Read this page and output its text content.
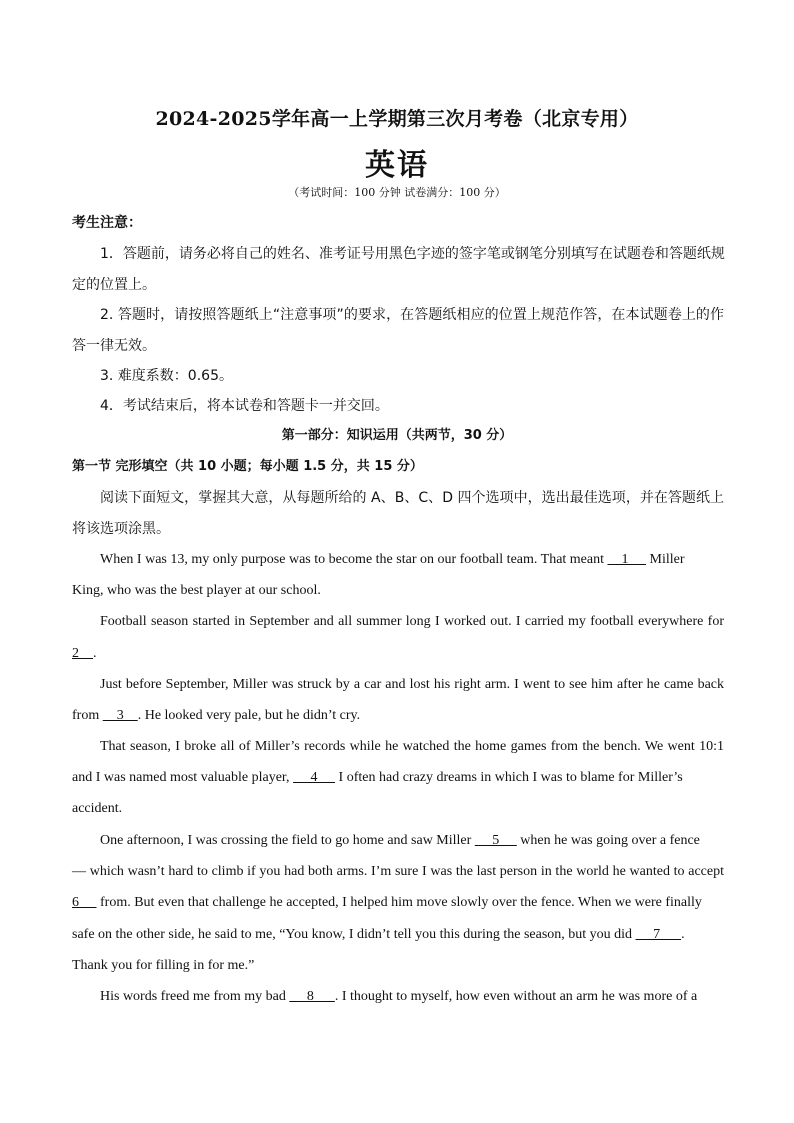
2024-2025学年高一上学期第三次月考卷（北京专用）
英语
（考试时间：100 分钟 试卷满分：100 分）
考生注意：
1．答题前，请务必将自己的姓名、准考证号用黑色字迹的签字笔或钢笔分别填写在试题卷和答题纸规
定的位置上。
2. 答题时，请按照答题纸上“注意事项”的要求，在答题纸相应的位置上规范作答，在本试题卷上的作
答一律无效。
3. 难度系数：0.65。
4．考试结束后，将本试卷和答题卡一并交回。
第一部分：知识运用（共两节，30 分）
第一节 完形填空（共 10 小题；每小题 1.5 分，共 15 分）
阅读下面短文，掌握其大意，从每题所给的 A、B、C、D 四个选项中，选出最佳选项，并在答题纸上
将该选项涂黑。
When I was 13, my only purpose was to become the star on our football team. That meant     1      Miller
King, who was the best player at our school.
Football season started in September and all summer long I worked out. I carried my football everywhere for
2    .
Just before September, Miller was struck by a car and lost his right arm. I went to see him after he came back
from     3    . He looked very pale, but he didn’t cry.
That season, I broke all of Miller’s records while he watched the home games from the bench. We went 10:1
and I was named most valuable player,      4      I often had crazy dreams in which I was to blame for Miller’s
accident.
One afternoon, I was crossing the field to go home and saw Miller      5      when he was going over a fence
— which wasn’t hard to climb if you had both arms. I’m sure I was the last person in the world he wanted to accept
6      from. But even that challenge he accepted, I helped him move slowly over the fence. When we were finally
safe on the other side, he said to me, “You know, I didn’t tell you this during the season, but you did      7      .
Thank you for filling in for me.”
His words freed me from my bad      8      . I thought to myself, how even without an arm he was more of a
